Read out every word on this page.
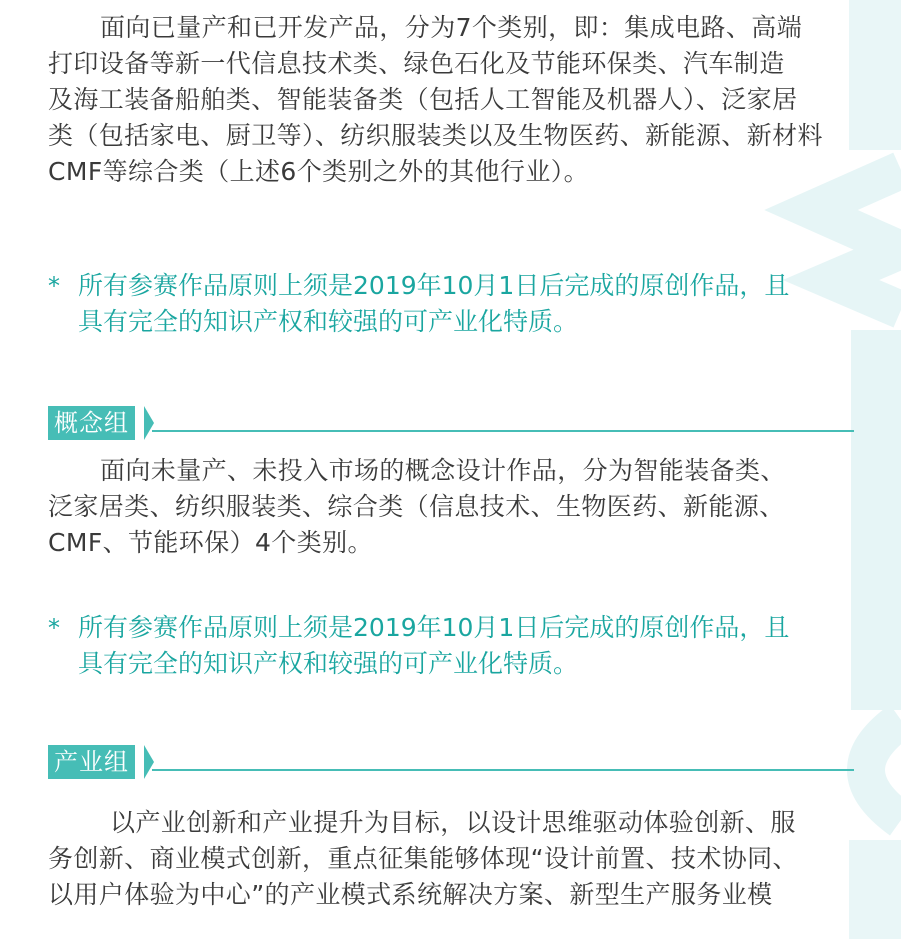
面向已量产和已开发产品，分为7个类别，即：集成电路、高端
打印设备等新一代信息技术类、绿色石化及节能环保类、汽车制造
及海工装备船舶类、智能装备类（包括人工智能及机器人）、泛家居
类（包括家电、厨卫等）、纺织服装类以及生物医药、新能源、新材料
CMF等综合类（上述6个类别之外的其他行业）。

* 所有参赛作品原则上须是2019年10月1日后完成的原创作品，且
具有完全的知识产权和较强的可产业化特质。
概念组

面向未量产、未投入市场的概念设计作品，分为智能装备类、
泛家居类、纺织服装类、综合类（信息技术、生物医药、新能源、
CMF、节能环保）4个类别。

* 所有参赛作品原则上须是2019年10月1日后完成的原创作品，且
具有完全的知识产权和较强的可产业化特质。
产业组

以产业创新和产业提升为目标，以设计思维驱动体验创新、服
务创新、商业模式创新，重点征集能够体现“设计前置、技术协同、
以用户体验为中心”的产业模式系统解决方案、新型生产服务业模
